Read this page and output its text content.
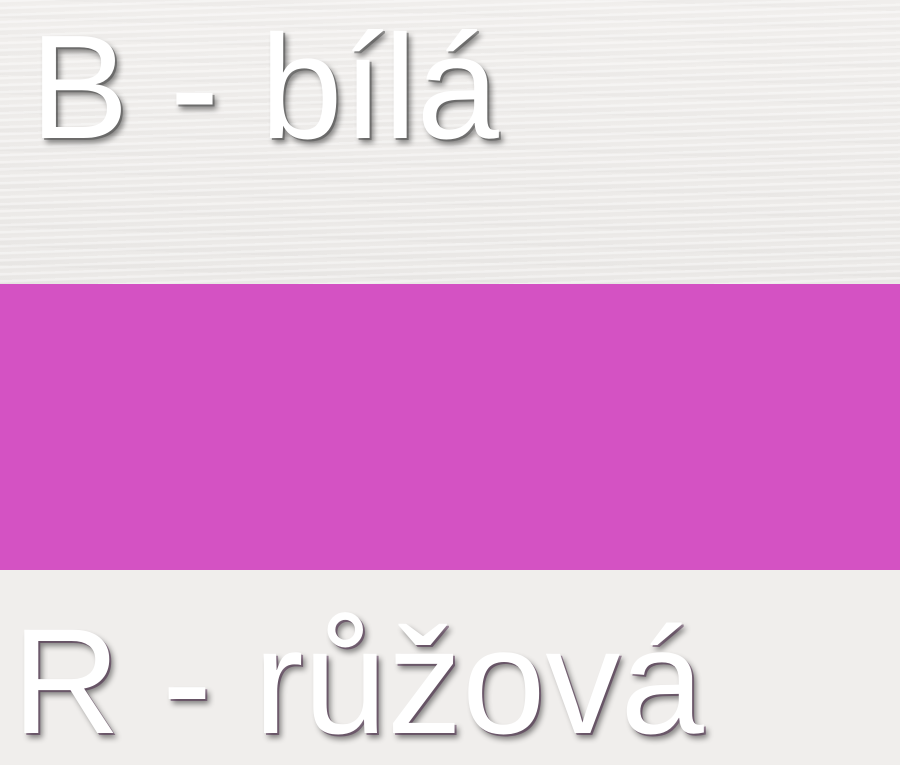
B - bílá
R - růžová
